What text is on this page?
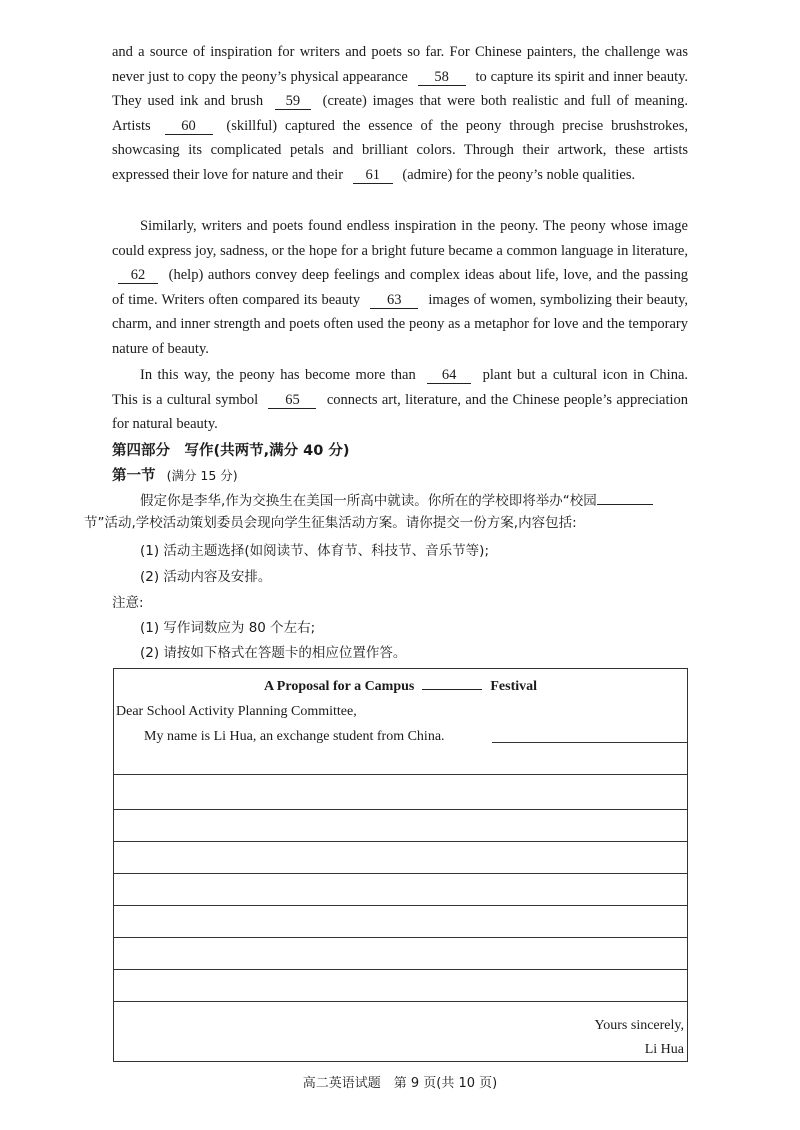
and a source of inspiration for writers and poets so far. For Chinese painters, the challenge was never just to copy the peony’s physical appearance 58 to capture its spirit and inner beauty. They used ink and brush 59 (create) images that were both realistic and full of meaning. Artists 60 (skillful) captured the essence of the peony through precise brushstrokes, showcasing its complicated petals and brilliant colors. Through their artwork, these artists expressed their love for nature and their 61 (admire) for the peony’s noble qualities.

Similarly, writers and poets found endless inspiration in the peony. The peony whose image could express joy, sadness, or the hope for a bright future became a common language in literature, 62 (help) authors convey deep feelings and complex ideas about life, love, and the passing of time. Writers often compared its beauty 63 images of women, symbolizing their beauty, charm, and inner strength and poets often used the peony as a metaphor for love and the temporary nature of beauty.

In this way, the peony has become more than 64 plant but a cultural icon in China. This is a cultural symbol 65 connects art, literature, and the Chinese people’s appreciation for natural beauty.

第四部分　写作(共两节,满分 40 分)

第一节 (满分 15 分)

假定你是李华,作为交换生在美国一所高中就读。你所在的学校即将举办“校园
节”活动,学校活动策划委员会现向学生征集活动方案。请你提交一份方案,内容包括:

(1) 活动主题选择(如阅读节、体育节、科技节、音乐节等);

(2) 活动内容及安排。

注意:

(1) 写作词数应为 80 个左右;

(2) 请按如下格式在答题卡的相应位置作答。

A Proposal for a Campus	Festival
Dear School Activity Planning Committee,
My name is Li Hua, an exchange student from China.
Yours sincerely,
Li Hua
高二英语试题　第 9 页(共 10 页)
